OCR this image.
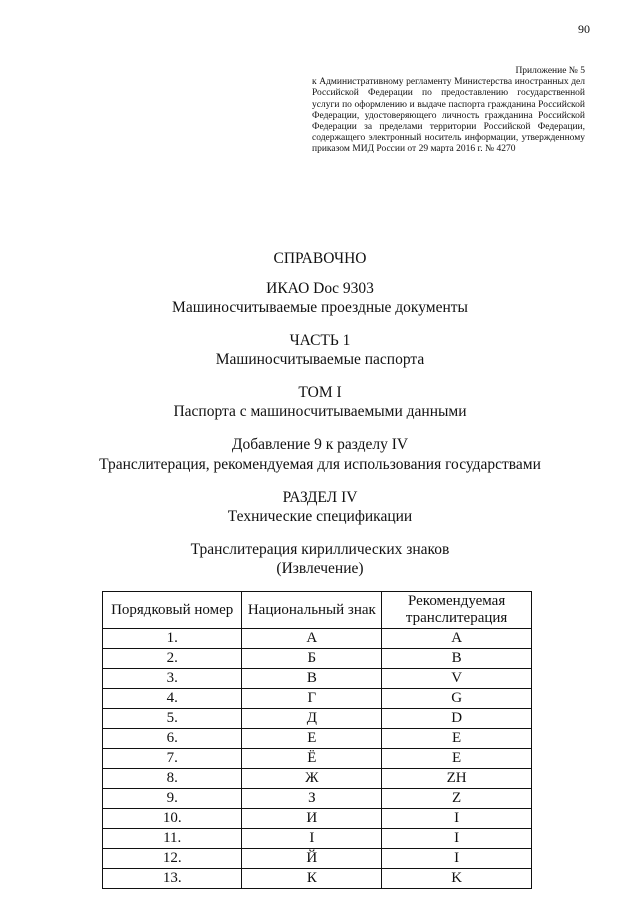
90
Приложение № 5
к Административному регламенту Министерства иностранных дел Российской Федерации по предоставлению государственной услуги по оформлению и выдаче паспорта гражданина Российской Федерации, удостоверяющего личность гражданина Российской Федерации за пределами территории Российской Федерации, содержащего электронный носитель информации, утвержденному приказом МИД России от 29 марта 2016 г. № 4270
СПРАВОЧНО
ИКАО Doc 9303
Машиносчитываемые проездные документы
ЧАСТЬ 1
Машиносчитываемые паспорта
ТОМ I
Паспорта с машиносчитываемыми данными
Добавление 9 к разделу IV
Транслитерация, рекомендуемая для использования государствами
РАЗДЕЛ IV
Технические спецификации
Транслитерация кириллических знаков
(Извлечение)
Порядковый номер	Национальный знак	Рекомендуемая транслитерация
1.	А	A
2.	Б	B
3.	В	V
4.	Г	G
5.	Д	D
6.	Е	E
7.	Ё	E
8.	Ж	ZH
9.	З	Z
10.	И	I
11.	І	I
12.	Й	I
13.	К	K
